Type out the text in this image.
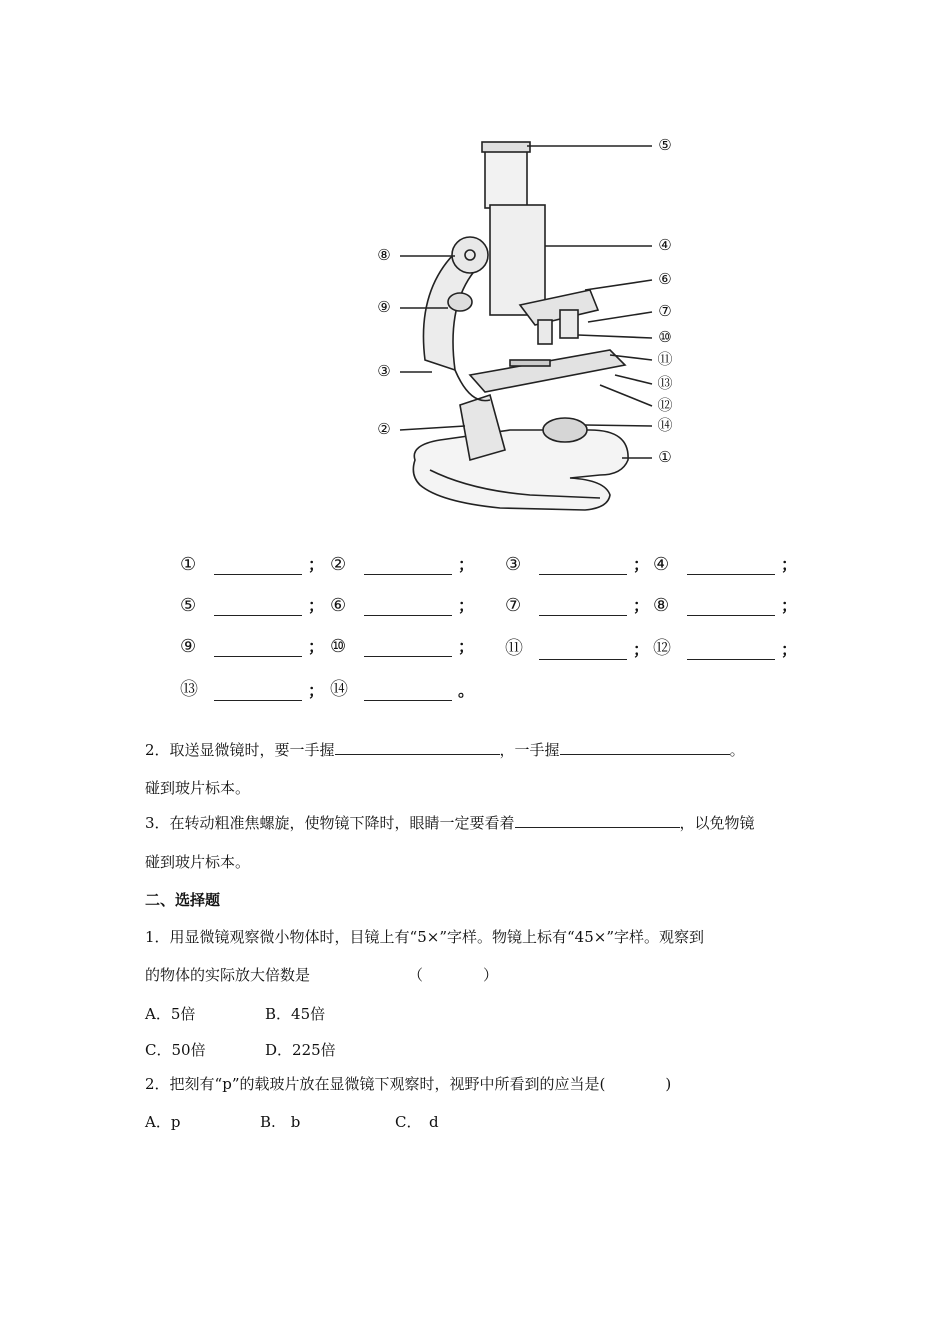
⑤
④
⑧
⑥
⑨	⑦
⑩
③
⑪
⑬
⑫
②	⑭
①
①	； ②	； ③	； ④	；
⑤	； ⑥	； ⑦	； ⑧	；
⑨	； ⑩	； ⑪	； ⑫	；
⑬	； ⑭	。
2．取送显微镜时，要一手握	，一手握	。
碰到玻片标本。
3．在转动粗准焦螺旋，使物镜下降时，眼睛一定要看着	，以免物镜
碰到玻片标本。
二、选择题
1．用显微镜观察微小物体时，目镜上有“5×”字样。物镜上标有“45×”字样。观察到
的物体的实际放大倍数是	（　　　　）
A．5倍	B．45倍
C．50倍	D．225倍
2．把刻有“p”的载玻片放在显微镜下观察时，视野中所看到的应当是(　　　　)
A．p	B.　b	C．　d
